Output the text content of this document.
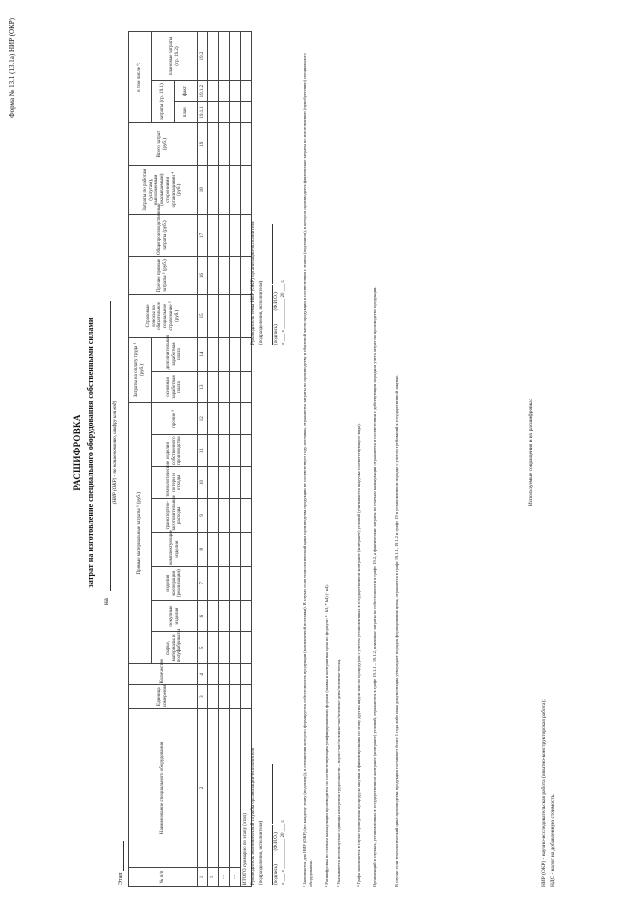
Форма № 13.1 (13.1а) НИР (ОКР)
РАСШИФРОВКА затрат на изготовление специального оборудования собственными силами
на
(НИР (ОКР) - по наименованию, шифру или код)
Этап	№ п/п	Наименование специального оборудования	Единица измерения	Количество	Прямые материальные затраты ⁵ (руб.)								Затраты на оплату труда ⁵ (руб.)		Страховые взносы на обязательное социальное страхование ⁵ (руб.)	Прочие прямые затраты ⁵ (руб.)	Общепроизводственные затраты (руб.)	Затраты по работам (услугам), выполняемым (оказываемым) сторонними организациями ⁴ (руб.)	Всего затрат (руб.)	в том числе ⁶:		
				сырье, материалы и полуфабрикаты	покупные изделия	изделия кооперации (реализации)	комплектующие изделия	транспортно-заготовительные расходы	технологические потери и отходы	изделия собственного производства	прочие ⁵	основная заработная плата	дополнительная заработная плата						затраты (гр. 19.1)		плановые затраты (гр. 19.2)
																			план	факт	
1	2	3	4	5	6	7	8	9	10	11	12	13	14	15	16	17	18	19	19.1.1	19.1.2	19.2
1																					
...																					
...																					
ИТОГО суммарно по этапу (этап)																					Руководитель экономической службы организации-исполнителя (подразделения, исполнителя)
	(подпись)           (Ф.И.О.) « ___ » ____________ 20 ___ г.
Руководитель темы НИР (ОКР) организации-исполнителя (подразделения, исполнителя)
	(подпись)           (Ф.И.О.) « ___ » ____________ 20 ___ г.	¹ Заполняется для НИР (ОКР) (по каждому этапу (подэтапу)), в отношении которого формируется себестоимость продукции (комплектной поставки). В случае если технологический цикл производства продукции не соответствует году поставки, отражаются затраты по производству и сбытовой части продукции в соответствии с этапом (подэтапом), в котором производятся фактические затраты по изготовлению (приобретению) специального оборудования.	² Расшифровка по статьям калькуляции производится по соответствующим унифицированным формам (заявка и контрактная цена по формуле: ² · k3, * k4) (· к4). ³ Указываются используемые единицы измерения трудоемкости – нормо-час/человеко-час/человеко-день/человеко-месяц.	⁴ Графа заполняется в случае проведения процедуры закупки и финансирования по этапу другим видом или по процедурам с учетом установленных в государственном контракте (контракте) условий (учитывается выручка соответствующего вида).	Организаций в случаях, установленных в государственном контракте (контракте) условий, отражаются в графе 19.1.1 – 19.1.2, плановые затраты по себестоимости в графе 19.2, а фактические затраты по статьям калькуляции отражаются в соответствии с действующим порядком учета затрат на производство продукции.	В случае если технологический цикл производства продукции составляет более 1 года либо иная документация утверждает порядок формирования цены, отражается в графе 19.1.1, 19.1.2 и графе 19 в установленном порядке с учетом требований к государственной закупке.	Используемые сокращения и их расшифровка:
НИР (ОКР) - научно-исследовательская работа (опытно-конструкторская работа); НДС - налог на добавленную стоимость.
